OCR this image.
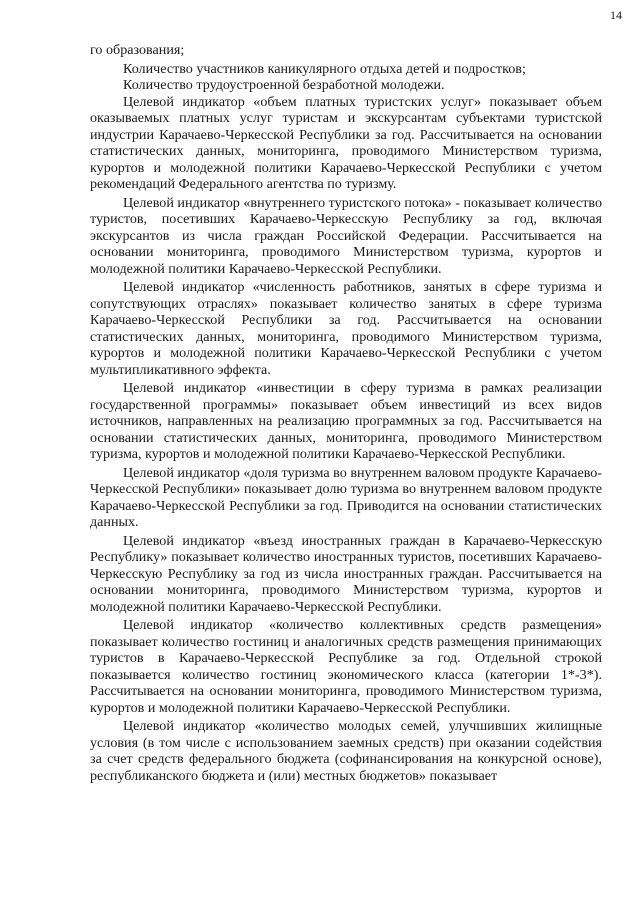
14

го образования;

Количество участников каникулярного отдыха детей и подростков;

Количество трудоустроенной безработной молодежи.

Целевой индикатор «объем платных туристских услуг» показывает объем оказываемых платных услуг туристам и экскурсантам субъектами туристской индустрии Карачаево-Черкесской Республики за год. Рассчитывается на основании статистических данных, мониторинга, проводимого Министерством туризма, курортов и молодежной политики Карачаево-Черкесской Республики с учетом рекомендаций Федерального агентства по туризму.

Целевой индикатор «внутреннего туристского потока» - показывает количество туристов, посетивших Карачаево-Черкесскую Республику за год, включая экскурсантов из числа граждан Российской Федерации. Рассчитывается на основании мониторинга, проводимого Министерством туризма, курортов и молодежной политики Карачаево-Черкесской Республики.

Целевой индикатор «численность работников, занятых в сфере туризма и сопутствующих отраслях» показывает количество занятых в сфере туризма Карачаево-Черкесской Республики за год. Рассчитывается на основании статистических данных, мониторинга, проводимого Министерством туризма, курортов и молодежной политики Карачаево-Черкесской Республики с учетом мультипликативного эффекта.

Целевой индикатор «инвестиции в сферу туризма в рамках реализации государственной программы» показывает объем инвестиций из всех видов источников, направленных на реализацию программных за год. Рассчитывается на основании статистических данных, мониторинга, проводимого Министерством туризма, курортов и молодежной политики Карачаево-Черкесской Республики.

Целевой индикатор «доля туризма во внутреннем валовом продукте Карачаево-Черкесской Республики» показывает долю туризма во внутреннем валовом продукте Карачаево-Черкесской Республики за год. Приводится на основании статистических данных.

Целевой индикатор «въезд иностранных граждан в Карачаево-Черкесскую Республику» показывает количество иностранных туристов, посетивших Карачаево-Черкесскую Республику за год из числа иностранных граждан. Рассчитывается на основании мониторинга, проводимого Министерством туризма, курортов и молодежной политики Карачаево-Черкесской Республики.

Целевой индикатор «количество коллективных средств размещения» показывает количество гостиниц и аналогичных средств размещения принимающих туристов в Карачаево-Черкесской Республике за год. Отдельной строкой показывается количество гостиниц экономического класса (категории 1*-3*). Рассчитывается на основании мониторинга, проводимого Министерством туризма, курортов и молодежной политики Карачаево-Черкесской Республики.

Целевой индикатор «количество молодых семей, улучшивших жилищные условия (в том числе с использованием заемных средств) при оказании содействия за счет средств федерального бюджета (софинансирования на конкурсной основе), республиканского бюджета и (или) местных бюджетов» показывает
